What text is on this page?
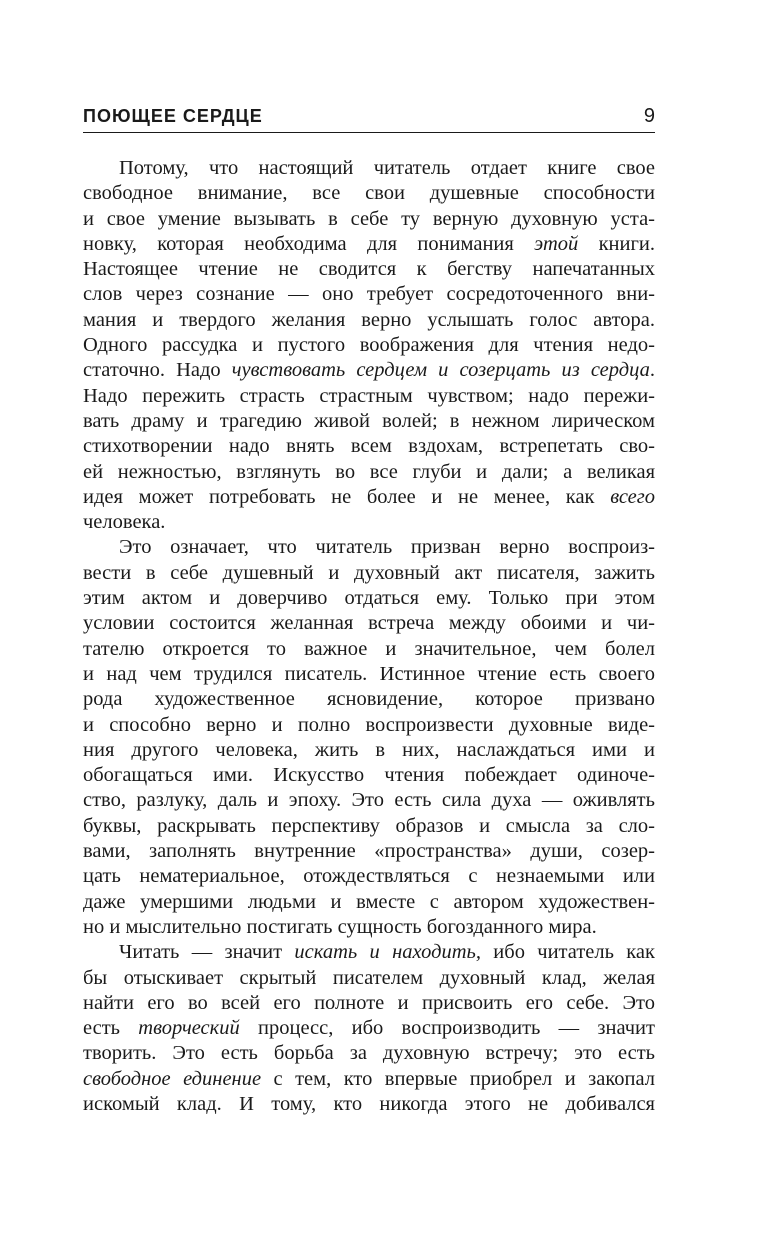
ПОЮЩЕЕ СЕРДЦЕ	9
Потому, что настоящий читатель отдает книге свое
свободное внимание, все свои душевные способности
и свое умение вызывать в себе ту верную духовную уста-
новку, которая необходима для понимания этой книги.
Настоящее чтение не сводится к бегству напечатанных
слов через сознание — оно требует сосредоточенного вни-
мания и твердого желания верно услышать голос автора.
Одного рассудка и пустого воображения для чтения недо-
статочно. Надо чувствовать сердцем и созерцать из сердца.
Надо пережить страсть страстным чувством; надо пережи-
вать драму и трагедию живой волей; в нежном лирическом
стихотворении надо внять всем вздохам, встрепетать сво-
ей нежностью, взглянуть во все глуби и дали; а великая
идея может потребовать не более и не менее, как всего
человека.
Это означает, что читатель призван верно воспроиз-
вести в себе душевный и духовный акт писателя, зажить
этим актом и доверчиво отдаться ему. Только при этом
условии состоится желанная встреча между обоими и чи-
тателю откроется то важное и значительное, чем болел
и над чем трудился писатель. Истинное чтение есть своего
рода художественное ясновидение, которое призвано
и способно верно и полно воспроизвести духовные виде-
ния другого человека, жить в них, наслаждаться ими и
обогащаться ими. Искусство чтения побеждает одиноче-
ство, разлуку, даль и эпоху. Это есть сила духа — оживлять
буквы, раскрывать перспективу образов и смысла за сло-
вами, заполнять внутренние «пространства» души, созер-
цать нематериальное, отождествляться с незнаемыми или
даже умершими людьми и вместе с автором художествен-
но и мыслительно постигать сущность богозданного мира.
Читать — значит искать и находить, ибо читатель как
бы отыскивает скрытый писателем духовный клад, желая
найти его во всей его полноте и присвоить его себе. Это
есть творческий процесс, ибо воспроизводить — значит
творить. Это есть борьба за духовную встречу; это есть
свободное единение с тем, кто впервые приобрел и закопал
искомый клад. И тому, кто никогда этого не добивался
